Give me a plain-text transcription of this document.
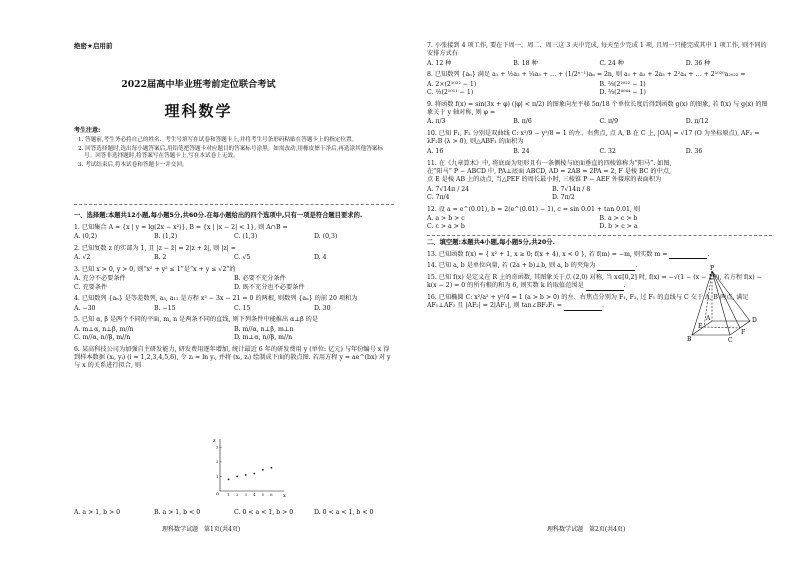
绝密★启用前
2022届高中毕业班考前定位联合考试
理科数学
考生注意:
1. 答题前,考生务必将自己的姓名、考生号填写在试卷和答题卡上,并将考生号条形码粘贴在答题卡上的指定位置。
2. 回答选择题时,选出每小题答案后,用铅笔把答题卡对应题目的答案标号涂黑。如需改动,用橡皮擦干净后,再选涂其他答案标号。回答非选择题时,将答案写在答题卡上,写在本试卷上无效。
3. 考试结束后,将本试卷和答题卡一并交回。
一、选择题:本题共12小题,每小题5分,共60分.在每小题给出的四个选项中,只有一项是符合题目要求的.
1. 已知集合 A = {x | y = lg(2x − x²)}, B = {x | |x − 2| < 1}, 则 A∩B =
A. (0,2)	B. (1,2)	C. (1,3)	D. (0,3)
2. 已知复数 z 的实部为 1, 且 |z − z̄| = 2|z + z̄|, 则 |z| =
A. √2	B. 2	C. √5	D. 4
3. 已知 x > 0, y > 0, 则“x² + y² ≤ 1”是“x + y ≤ √2”的
A. 充分不必要条件	B. 必要不充分条件
C. 充要条件	D. 既不充分也不必要条件
4. 已知数列 {aₙ} 是等差数列, a₃, a₁₁ 是方程 x² − 3x − 21 = 0 的两根, 则数列 {aₙ} 的前 20 项和为
A. −30	B. −15	C. 15	D. 30
5. 已知 α, β 是两个不同的平面, m, n 是两条不同的直线, 则下列条件中能推出 α⊥β 的是
A. m⊥α, n⊥β, m//n	B. m//α, n⊥β, m⊥n
C. m//α, n//β, m//n	D. m⊥α, n//β, m//n
6. 某高科技公司为加强自主研发能力, 研发费用逐年增加, 统计最近 6 年的研发费用 y (单位: 亿元) 与年份编号 x 得到样本数据 (xᵢ, yᵢ) (i = 1,2,3,4,5,6), 令 zᵢ = ln yᵢ, 并将 (xᵢ, zᵢ) 绘制成下面的散点图. 若用方程 y = ae^(bx) 对 y 与 x 的关系进行拟合, 则
A. a > 1, b > 0	B. a > 1, b < 0	C. 0 < a < 1, b > 0	D. 0 < a < 1, b < 0
x
z
1 2 3 4 5 6
1
2
3
O
理科数学试题　第1页(共4页)
7. 小张接到 4 项工作, 要在下周一、周二、周三这 3 天中完成, 每天至少完成 1 项, 且周一只能完成其中 1 项工作, 则不同的安排方式有
A. 12 种	B. 18 种	C. 24 种	D. 36 种
8. 已知数列 {aₙ} 满足 a₁ + ½a₂ + ¼a₃ + … + (1/2ⁿ⁻¹)aₙ = 2n, 则 a₁ + a₂ + 2a₃ + 2²a₄ + … + 2¹⁰²⁰a₂₀₂₂ =
A. 2×(2¹⁰²² − 1)	B. ⅔(2²⁰²² − 1)
C. ⅔(2¹⁰¹¹ − 1)	D. ⅔(2⁴⁰⁴⁴ − 1)
9. 将函数 f(x) = sin(3x + φ) (|φ| < π/2) 的图象向左平移 5π/18 个单位长度后得到函数 g(x) 的图象, 若 f(x) 与 g(x) 的图象关于 y 轴对称, 则 φ =
A. π/3	B. π/6	C. π/9	D. π/12
10. 已知 F₁, F₂ 分别是双曲线 C: x²/9 − y²/8 = 1 的左、右焦点, 点 A, B 在 C 上, |OA| = √17 (O 为坐标原点), AF₂ = λF₂B (λ > 0), 则△ABF₁ 的面积为
A. 16	B. 24	C. 32	D. 36
11. 在《九章算术》中, 将底面为矩形且有一条侧棱与底面垂直的四棱锥称为“阳马”. 如图, 在“阳马” P − ABCD 中, PA⊥底面 ABCD, AD = 2AB = 2PA = 2, F 是棱 BC 的中点, 点 E 是棱 AB 上的动点, 当△PEF 的周长最小时, 三棱锥 P − AEF 外接球的表面积为
A. 7√14π / 24	B. 7√14π / 8
C. 7π/4	D. 7π/2
12. 设 a = e^(0.01), b = 2(e^(0.01) − 1), c = sin 0.01 + tan 0.01, 则
A. a > b > c	B. a > c > b
C. c > a > b	D. b > c > a
二、填空题:本题共4小题,每小题5分,共20分.
13. 已知函数 f(x) = { x² + 1, x ≥ 0; f(x + 4), x < 0 }, 若 f(m) = −m, 则实数 m =	.
14. 已知 a, b 是单位向量, 若 (2a + b)⊥b, 则 a, b 的夹角为	.
15. 已知 f(x) 是定义在 R 上的奇函数, 其图象关于点 (2,0) 对称, 当 x∈[0,2] 时, f(x) = −√(1 − (x − 1)²), 若方程 f(x) − k(x − 2) = 0 的所有根的和为 6, 则实数 k 的取值范围是	.
16. 已知椭圆 C: x²/a² + y²/4 = 1 (a > b > 0) 的左、右焦点分别为 F₁, F₂, 过 F₁ 的直线与 C 交于 A, B 两点, 满足 AF₁⊥AF₂ 且 |AF₂| = 2|AF₁|, 则 tan∠BF₂F₁ =	.
理科数学试题　第2页(共4页)
P
A
B	C
D
E
F
